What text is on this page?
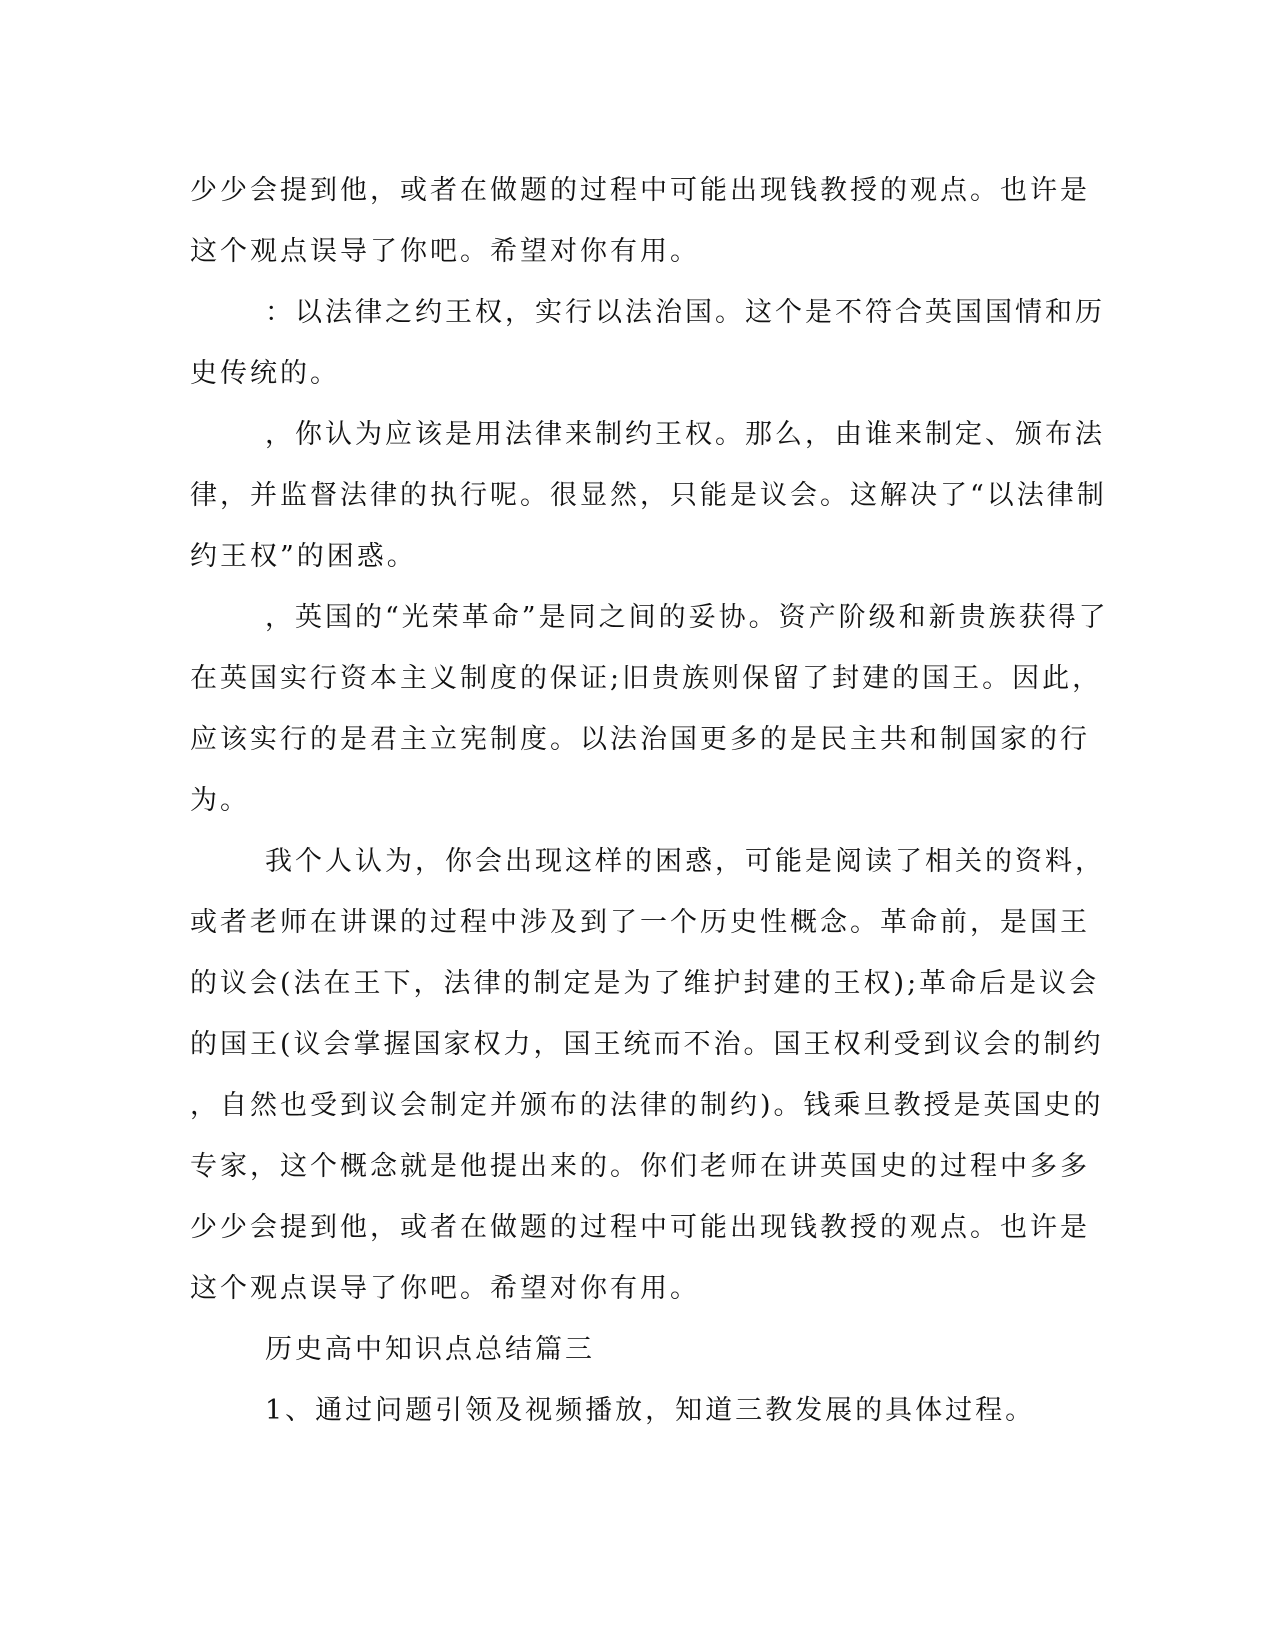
少少会提到他，或者在做题的过程中可能出现钱教授的观点。也许是
这个观点误导了你吧。希望对你有用。
：以法律之约王权，实行以法治国。这个是不符合英国国情和历
史传统的。
，你认为应该是用法律来制约王权。那么，由谁来制定、颁布法
律，并监督法律的执行呢。很显然，只能是议会。这解决了“以法律制
约王权”的困惑。
，英国的“光荣革命”是同之间的妥协。资产阶级和新贵族获得了
在英国实行资本主义制度的保证;旧贵族则保留了封建的国王。因此，
应该实行的是君主立宪制度。以法治国更多的是民主共和制国家的行
为。
我个人认为，你会出现这样的困惑，可能是阅读了相关的资料，
或者老师在讲课的过程中涉及到了一个历史性概念。革命前，是国王
的议会(法在王下，法律的制定是为了维护封建的王权);革命后是议会
的国王(议会掌握国家权力，国王统而不治。国王权利受到议会的制约
，自然也受到议会制定并颁布的法律的制约)。钱乘旦教授是英国史的
专家，这个概念就是他提出来的。你们老师在讲英国史的过程中多多
少少会提到他，或者在做题的过程中可能出现钱教授的观点。也许是
这个观点误导了你吧。希望对你有用。
历史高中知识点总结篇三
1、通过问题引领及视频播放，知道三教发展的具体过程。
